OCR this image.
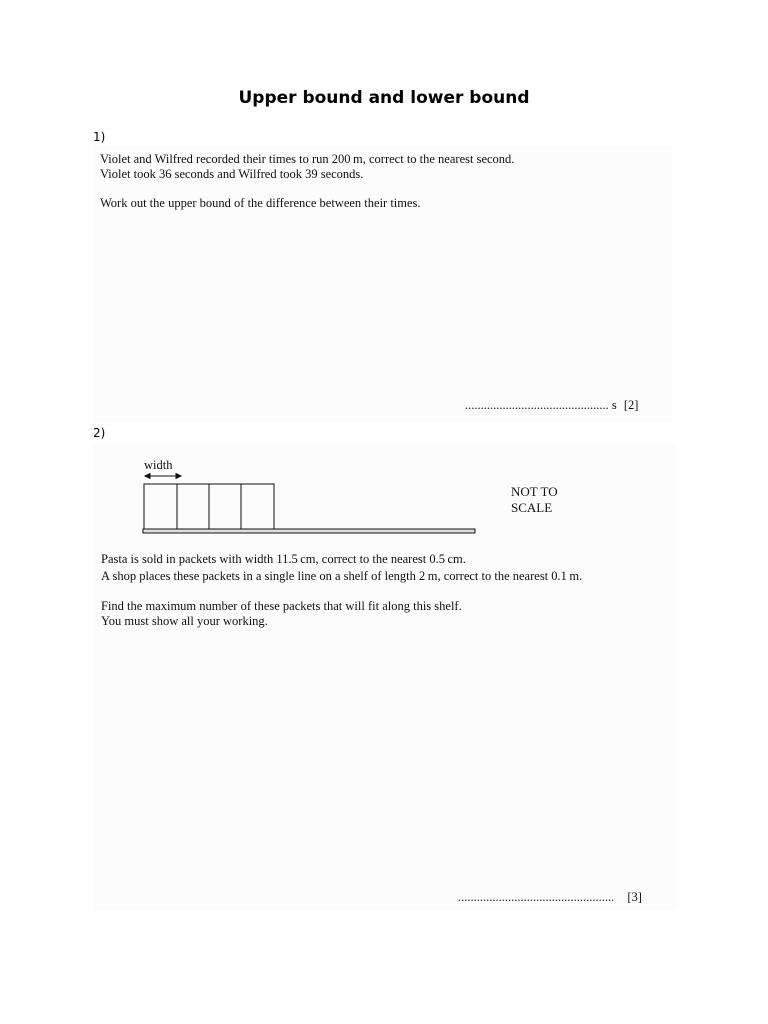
Upper bound and lower bound
1)
Violet and Wilfred recorded their times to run 200 m, correct to the nearest second.
Violet took 36 seconds and Wilfred took 39 seconds.
Work out the upper bound of the difference between their times.
.............................................. s [2]
2)
width
NOT TO
SCALE
Pasta is sold in packets with width 11.5 cm, correct to the nearest 0.5 cm.
A shop places these packets in a single line on a shelf of length 2 m, correct to the nearest 0.1 m.
Find the maximum number of these packets that will fit along this shelf.
You must show all your working.
.................................................. [3]
